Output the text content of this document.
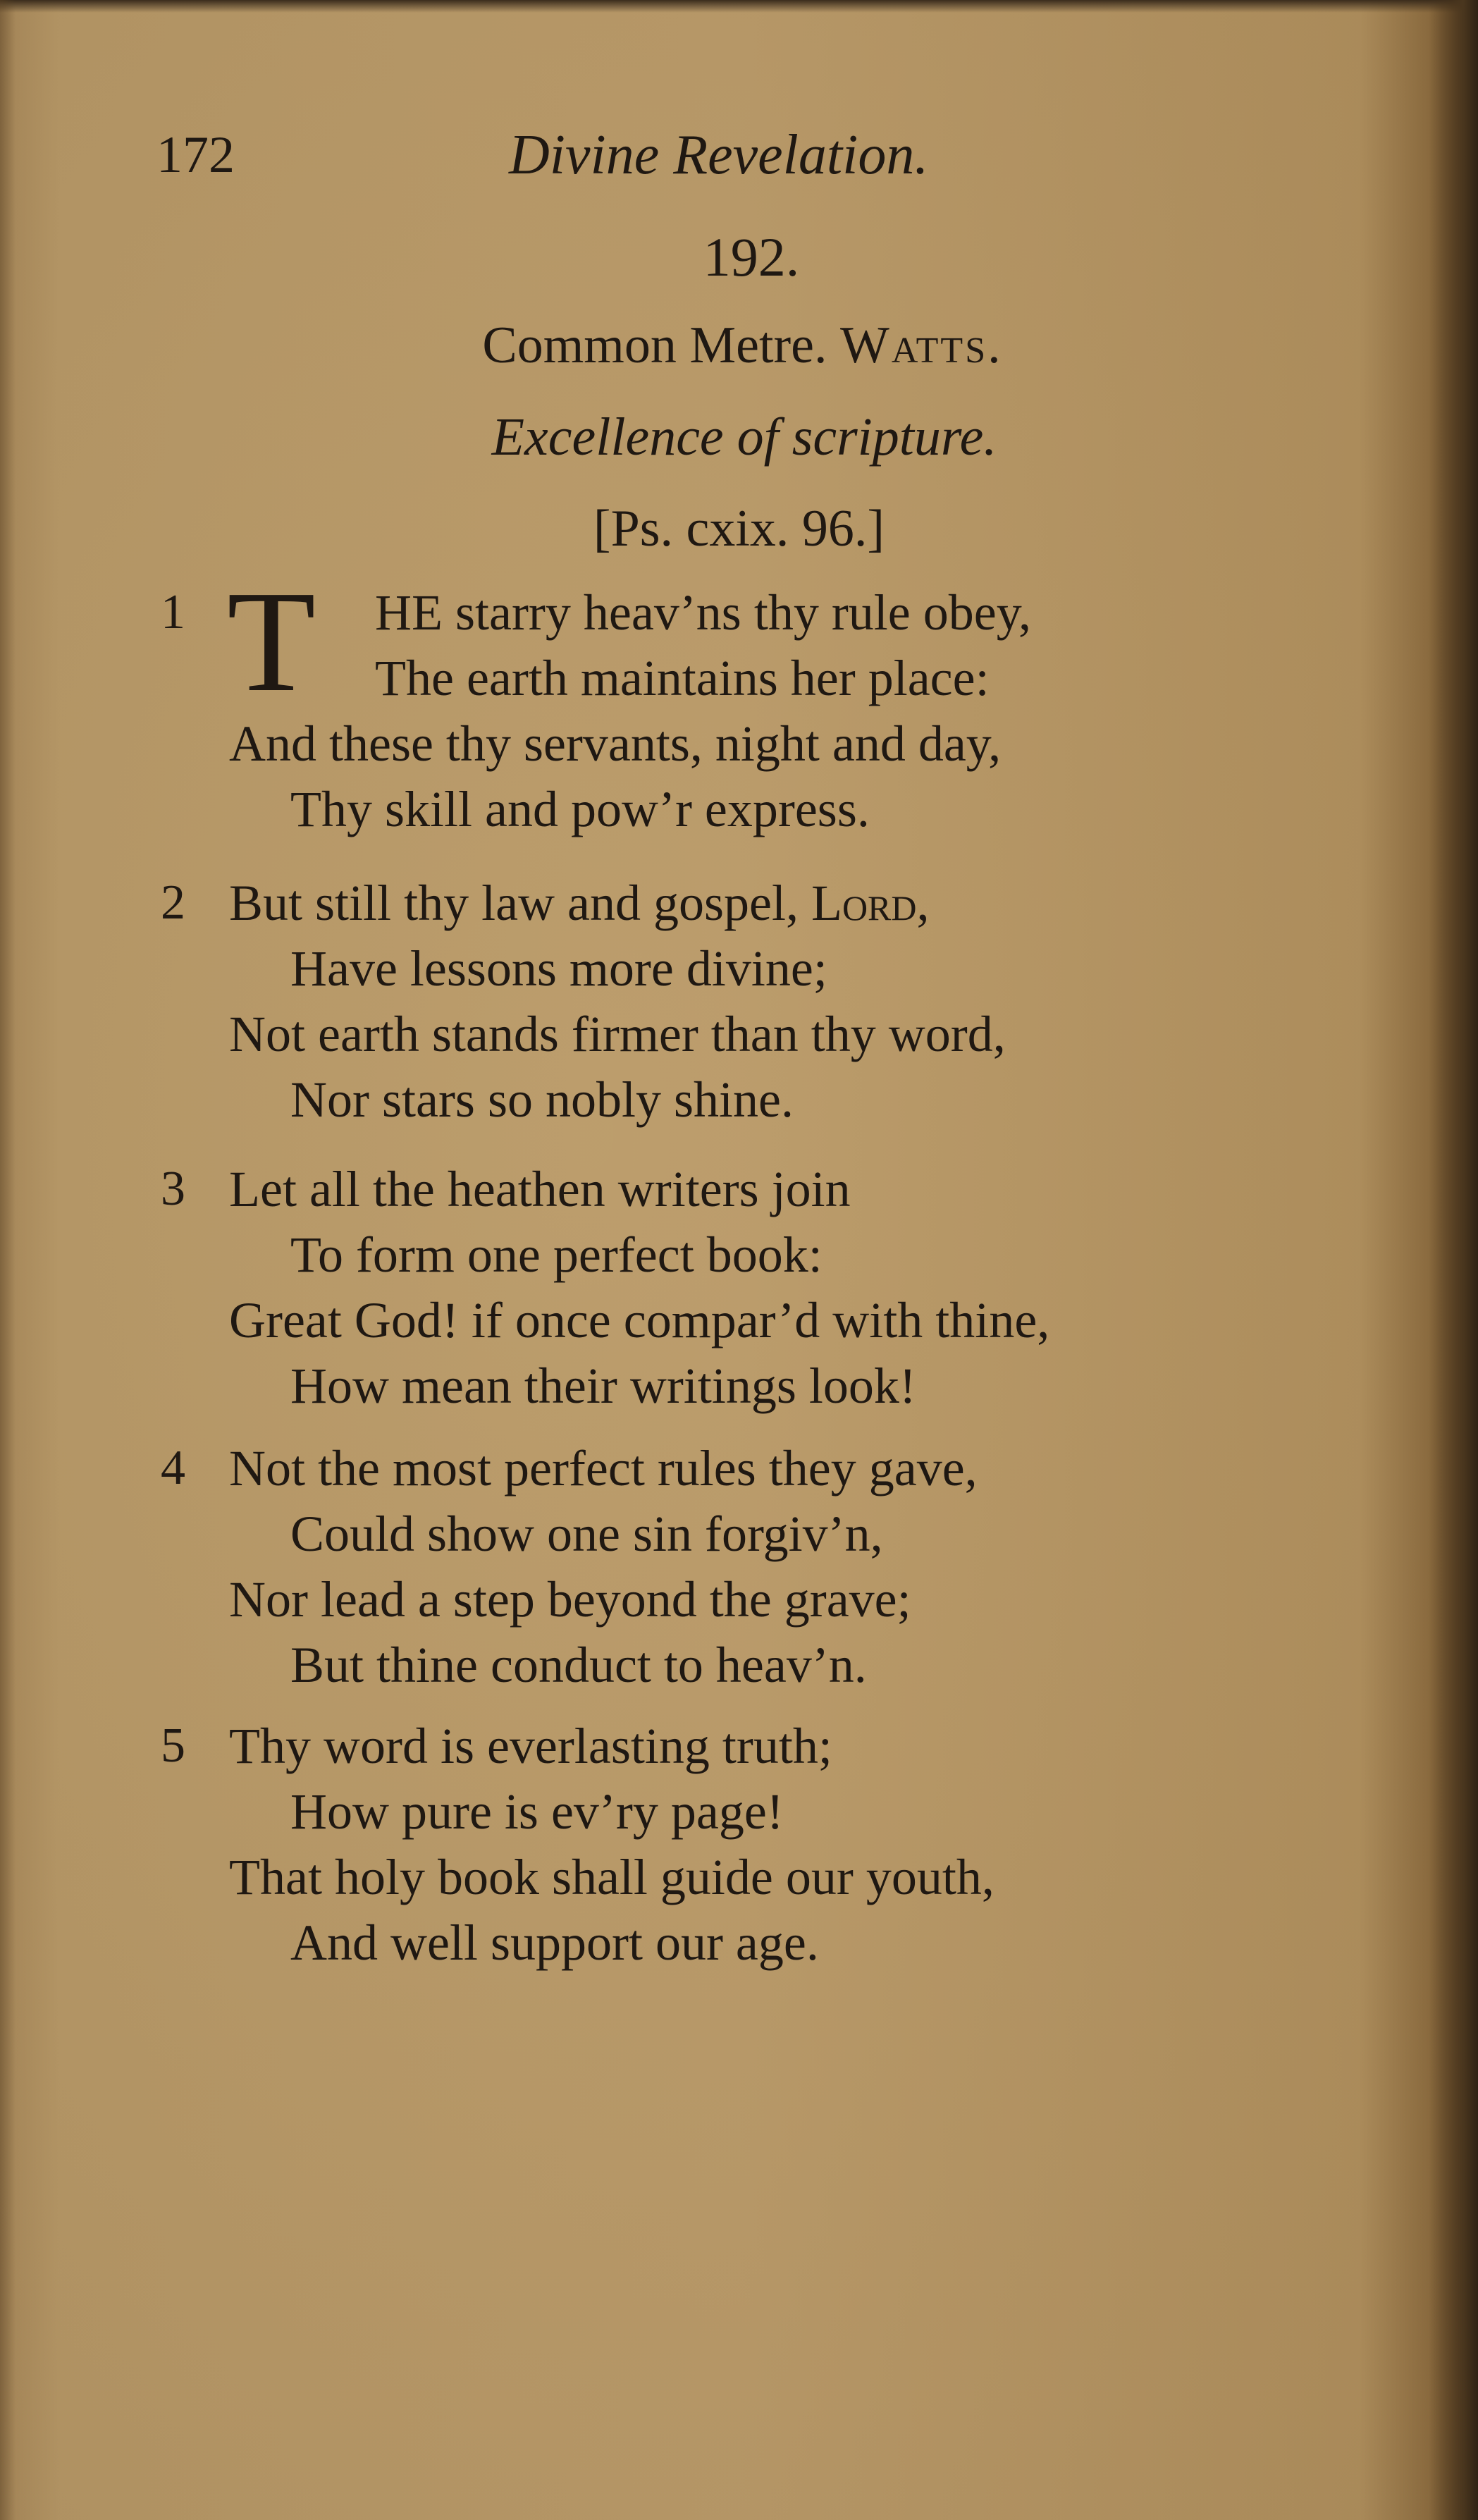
172	Divine Revelation.
192.
Common Metre. Watts.
Excellence of scripture.
[Ps. cxix. 96.]
1 T HE starry heav’ns thy rule obey,
The earth maintains her place:
And these thy servants, night and day,
Thy skill and pow’r express.
2 But still thy law and gospel, Lord,
Have lessons more divine;
Not earth stands firmer than thy word,
Nor stars so nobly shine.
3 Let all the heathen writers join
To form one perfect book:
Great God! if once compar’d with thine,
How mean their writings look!
4 Not the most perfect rules they gave,
Could show one sin forgiv’n,
Nor lead a step beyond the grave;
But thine conduct to heav’n.
5 Thy word is everlasting truth;
How pure is ev’ry page!
That holy book shall guide our youth,
And well support our age.
